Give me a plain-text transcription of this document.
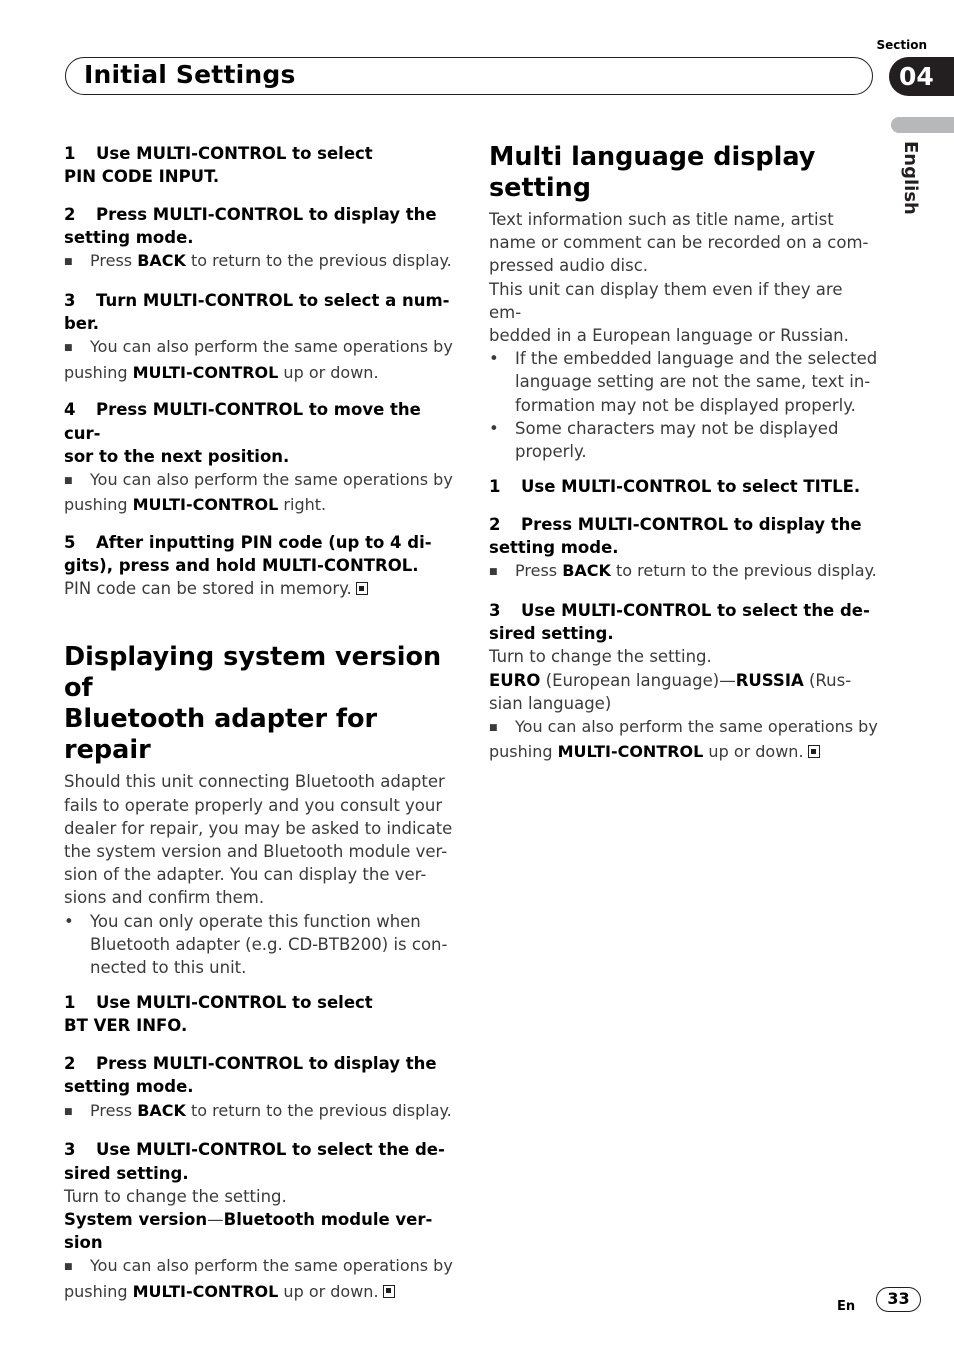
Section
Initial Settings	04
English

1 Use MULTI-CONTROL to select

PIN CODE INPUT.

2 Press MULTI-CONTROL to display the

setting mode.

■ Press BACK to return to the previous display.

3 Turn MULTI-CONTROL to select a num-

ber.

■ You can also perform the same operations by

pushing MULTI-CONTROL up or down.

4 Press MULTI-CONTROL to move the cur-

sor to the next position.

■ You can also perform the same operations by

pushing MULTI-CONTROL right.

5 After inputting PIN code (up to 4 di-

gits), press and hold MULTI-CONTROL.

PIN code can be stored in memory.

Displaying system version of
Bluetooth adapter for repair

Should this unit connecting Bluetooth adapter

fails to operate properly and you consult your

dealer for repair, you may be asked to indicate

the system version and Bluetooth module ver-

sion of the adapter. You can display the ver-

sions and confirm them.

• You can only operate this function when

Bluetooth adapter (e.g. CD-BTB200) is con-

nected to this unit.

1 Use MULTI-CONTROL to select

BT VER INFO.

2 Press MULTI-CONTROL to display the

setting mode.

■ Press BACK to return to the previous display.

3 Use MULTI-CONTROL to select the de-

sired setting.

Turn to change the setting.

System version—Bluetooth module ver-

sion

■ You can also perform the same operations by

pushing MULTI-CONTROL up or down.

Multi language display setting

Text information such as title name, artist

name or comment can be recorded on a com-

pressed audio disc.

This unit can display them even if they are em-

bedded in a European language or Russian.

• If the embedded language and the selected

language setting are not the same, text in-

formation may not be displayed properly.

• Some characters may not be displayed

properly.

1 Use MULTI-CONTROL to select TITLE.

2 Press MULTI-CONTROL to display the

setting mode.

■ Press BACK to return to the previous display.

3 Use MULTI-CONTROL to select the de-

sired setting.

Turn to change the setting.

EURO (European language)—RUSSIA (Rus-

sian language)

■ You can also perform the same operations by

pushing MULTI-CONTROL up or down.

En	33
